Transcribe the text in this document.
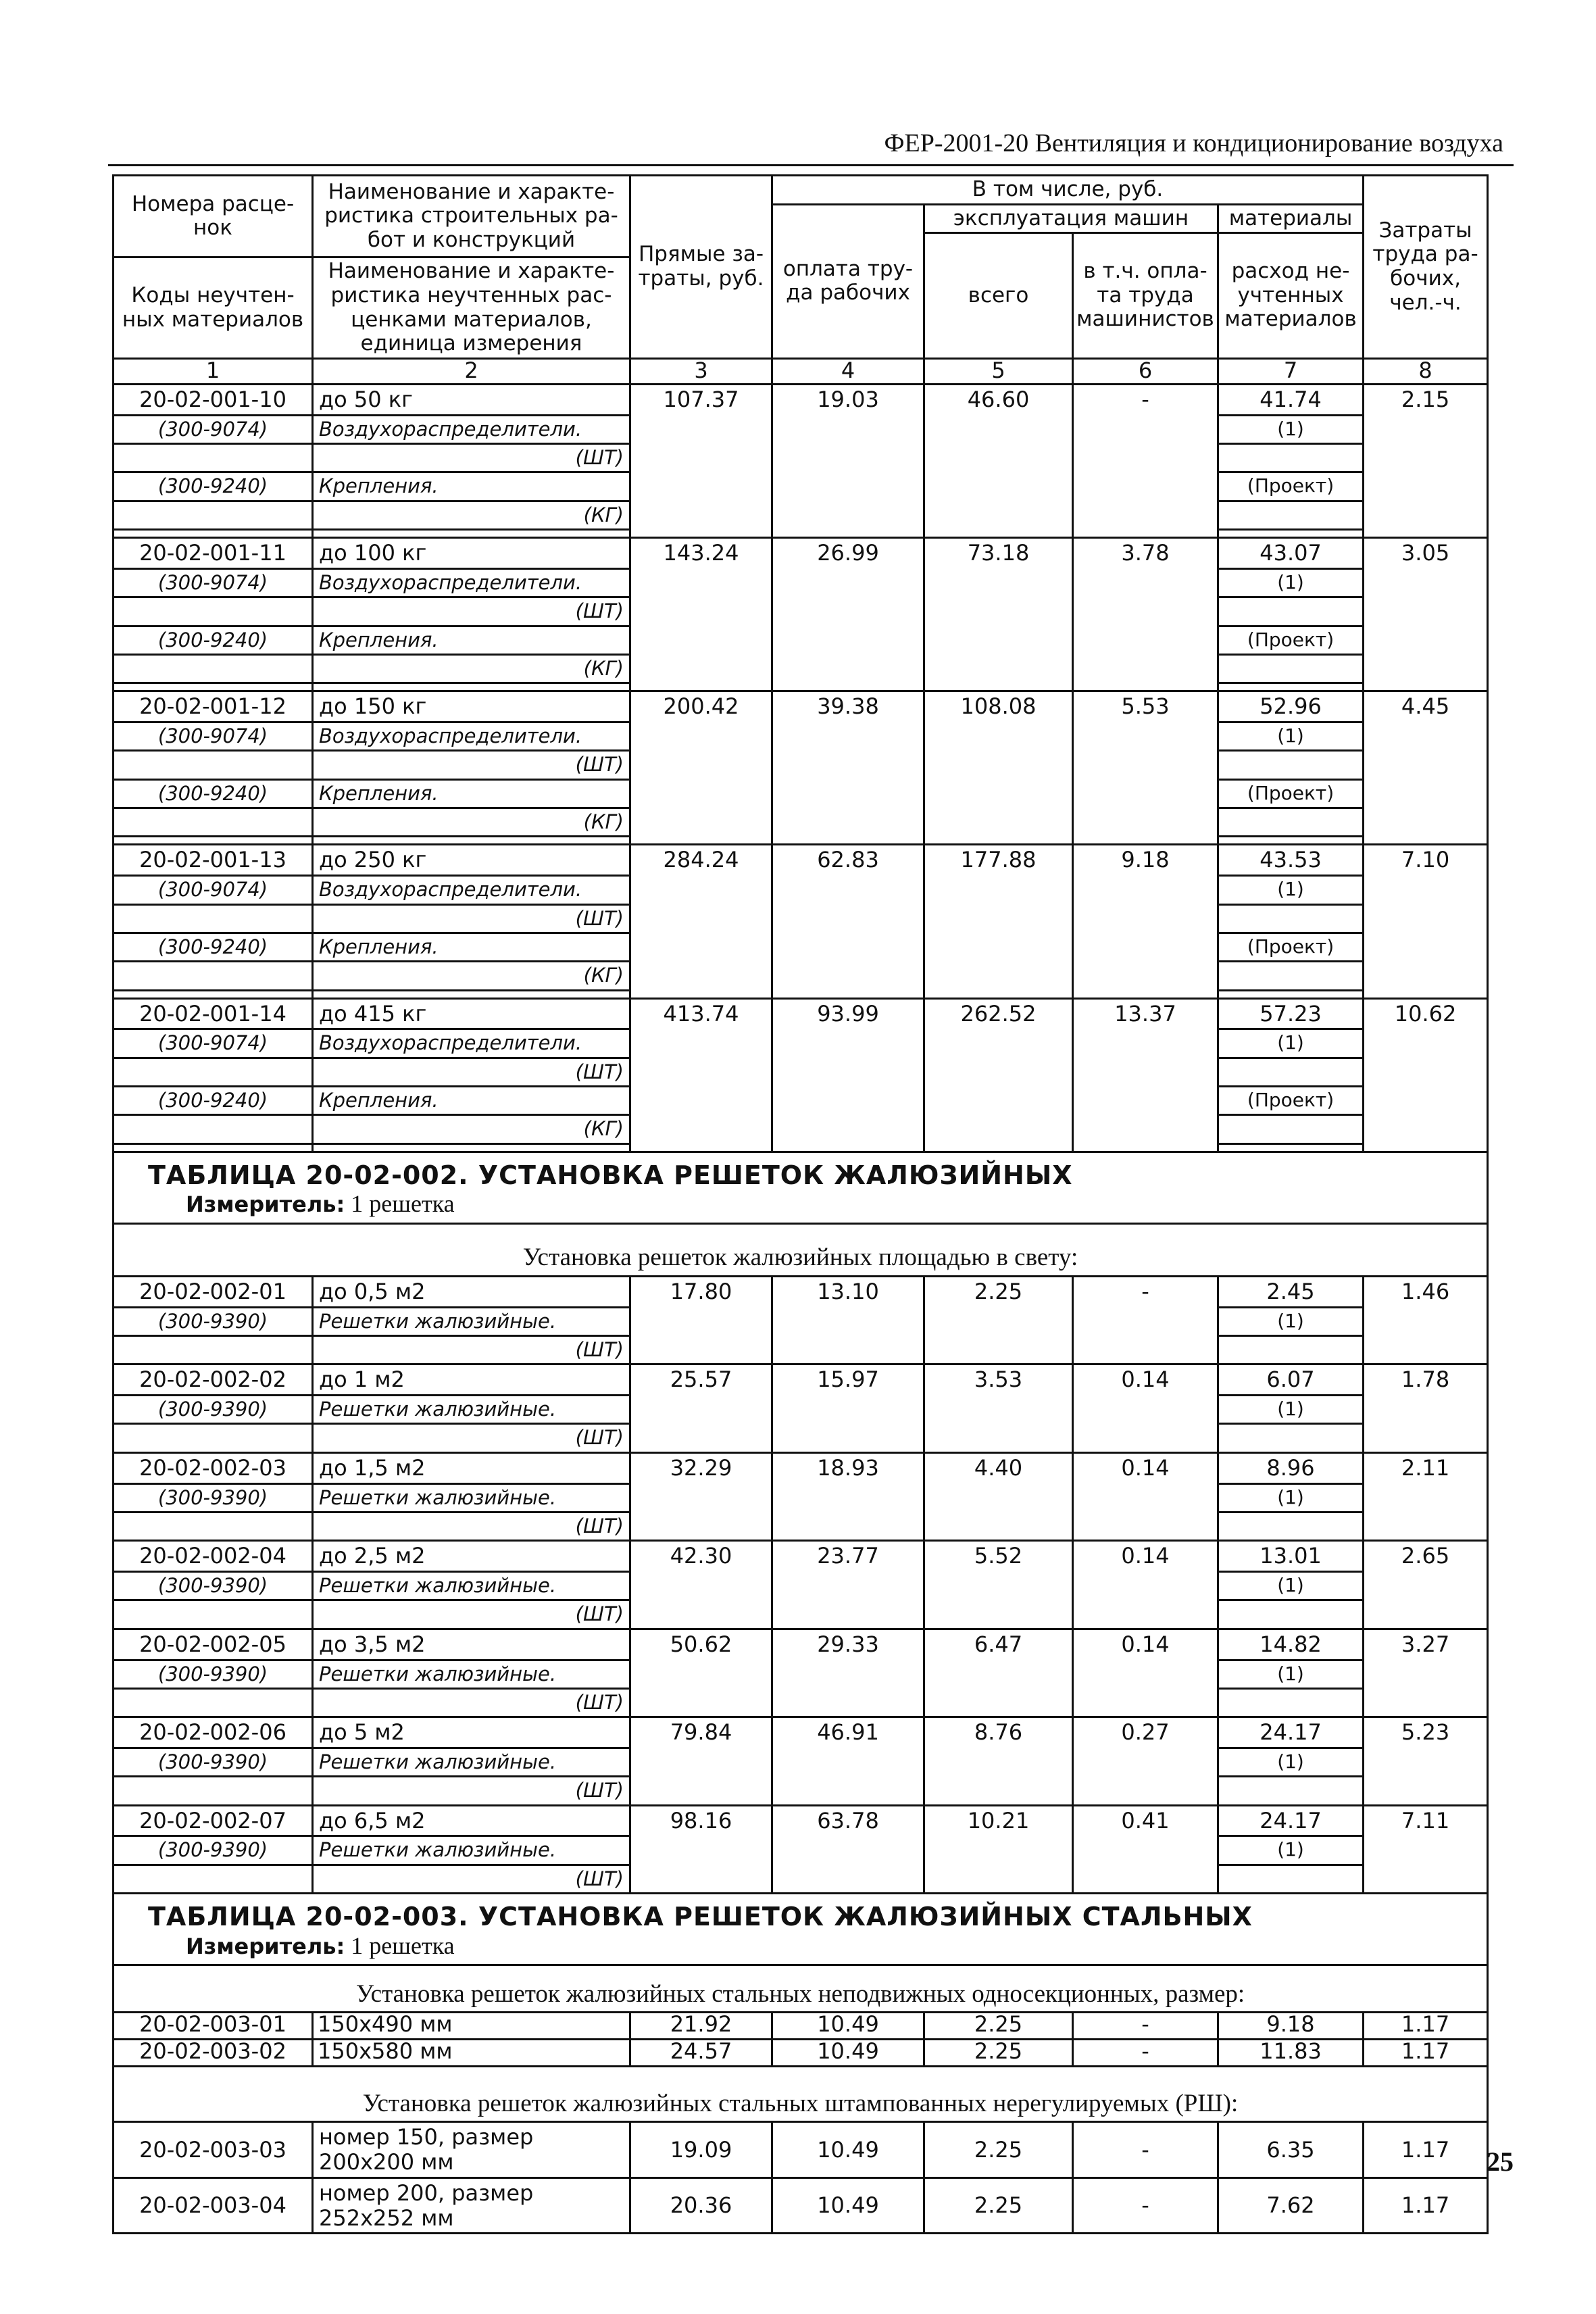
ФЕР-2001-20 Вентиляция и кондиционирование воздуха
Номера расце-нок	Наименование и характе-ристика строительных ра-бот и конструкций	Прямые за-траты, руб.	В том числе, руб.				Затраты труда ра-бочих, чел.-ч.
			оплата тру-да рабочих	эксплуатация машин		материалы	
				всего	в т.ч. опла-та труда машинистов	расход не-учтенных материалов	
Коды неучтен-ных материалов	Наименование и характе-ристика неучтенных рас-ценками материалов, единица измерения						

1	2	3	4	5	6	7	8
20-02-001-10	до 50 кг	107.37	19.03	46.60	-	41.74	2.15
(300-9074)	Воздухораспределители.					(1)	
	(ШТ)						
(300-9240)	Крепления.					(Проект)	
	(КГ)						

20-02-001-11	до 100 кг	143.24	26.99	73.18	3.78	43.07	3.05
(300-9074)	Воздухораспределители.					(1)	
	(ШТ)						
(300-9240)	Крепления.					(Проект)	
	(КГ)						

20-02-001-12	до 150 кг	200.42	39.38	108.08	5.53	52.96	4.45
(300-9074)	Воздухораспределители.					(1)	
	(ШТ)						
(300-9240)	Крепления.					(Проект)	
	(КГ)						

20-02-001-13	до 250 кг	284.24	62.83	177.88	9.18	43.53	7.10
(300-9074)	Воздухораспределители.					(1)	
	(ШТ)						
(300-9240)	Крепления.					(Проект)	
	(КГ)						

20-02-001-14	до 415 кг	413.74	93.99	262.52	13.37	57.23	10.62
(300-9074)	Воздухораспределители.					(1)	
	(ШТ)						
(300-9240)	Крепления.					(Проект)	
	(КГ)						

ТАБЛИЦА 20-02-002. УСТАНОВКА РЕШЕТОК ЖАЛЮЗИЙНЫХ
Измеритель: 1 решетка							

Установка решеток жалюзийных площадью в свету:							
20-02-002-01	до 0,5 м2	17.80	13.10	2.25	-	2.45	1.46
(300-9390)	Решетки жалюзийные.					(1)	
	(ШТ)						
20-02-002-02	до 1 м2	25.57	15.97	3.53	0.14	6.07	1.78
(300-9390)	Решетки жалюзийные.					(1)	
	(ШТ)						
20-02-002-03	до 1,5 м2	32.29	18.93	4.40	0.14	8.96	2.11
(300-9390)	Решетки жалюзийные.					(1)	
	(ШТ)						
20-02-002-04	до 2,5 м2	42.30	23.77	5.52	0.14	13.01	2.65
(300-9390)	Решетки жалюзийные.					(1)	
	(ШТ)						
20-02-002-05	до 3,5 м2	50.62	29.33	6.47	0.14	14.82	3.27
(300-9390)	Решетки жалюзийные.					(1)	
	(ШТ)						
20-02-002-06	до 5 м2	79.84	46.91	8.76	0.27	24.17	5.23
(300-9390)	Решетки жалюзийные.					(1)	
	(ШТ)						
20-02-002-07	до 6,5 м2	98.16	63.78	10.21	0.41	24.17	7.11
(300-9390)	Решетки жалюзийные.					(1)	
	(ШТ)						

ТАБЛИЦА 20-02-003. УСТАНОВКА РЕШЕТОК ЖАЛЮЗИЙНЫХ СТАЛЬНЫХ
Измеритель: 1 решетка							

Установка решеток жалюзийных стальных неподвижных односекционных, размер:							
20-02-003-01	150х490 мм	21.92	10.49	2.25	-	9.18	1.17
20-02-003-02	150х580 мм	24.57	10.49	2.25	-	11.83	1.17
Установка решеток жалюзийных стальных штампованных нерегулируемых (РШ):							
20-02-003-03	номер 150, размер 200х200 мм	19.09	10.49	2.25	-	6.35	1.17
20-02-003-04	номер 200, размер 252х252 мм	20.36	10.49	2.25	-	7.62	1.17
25
